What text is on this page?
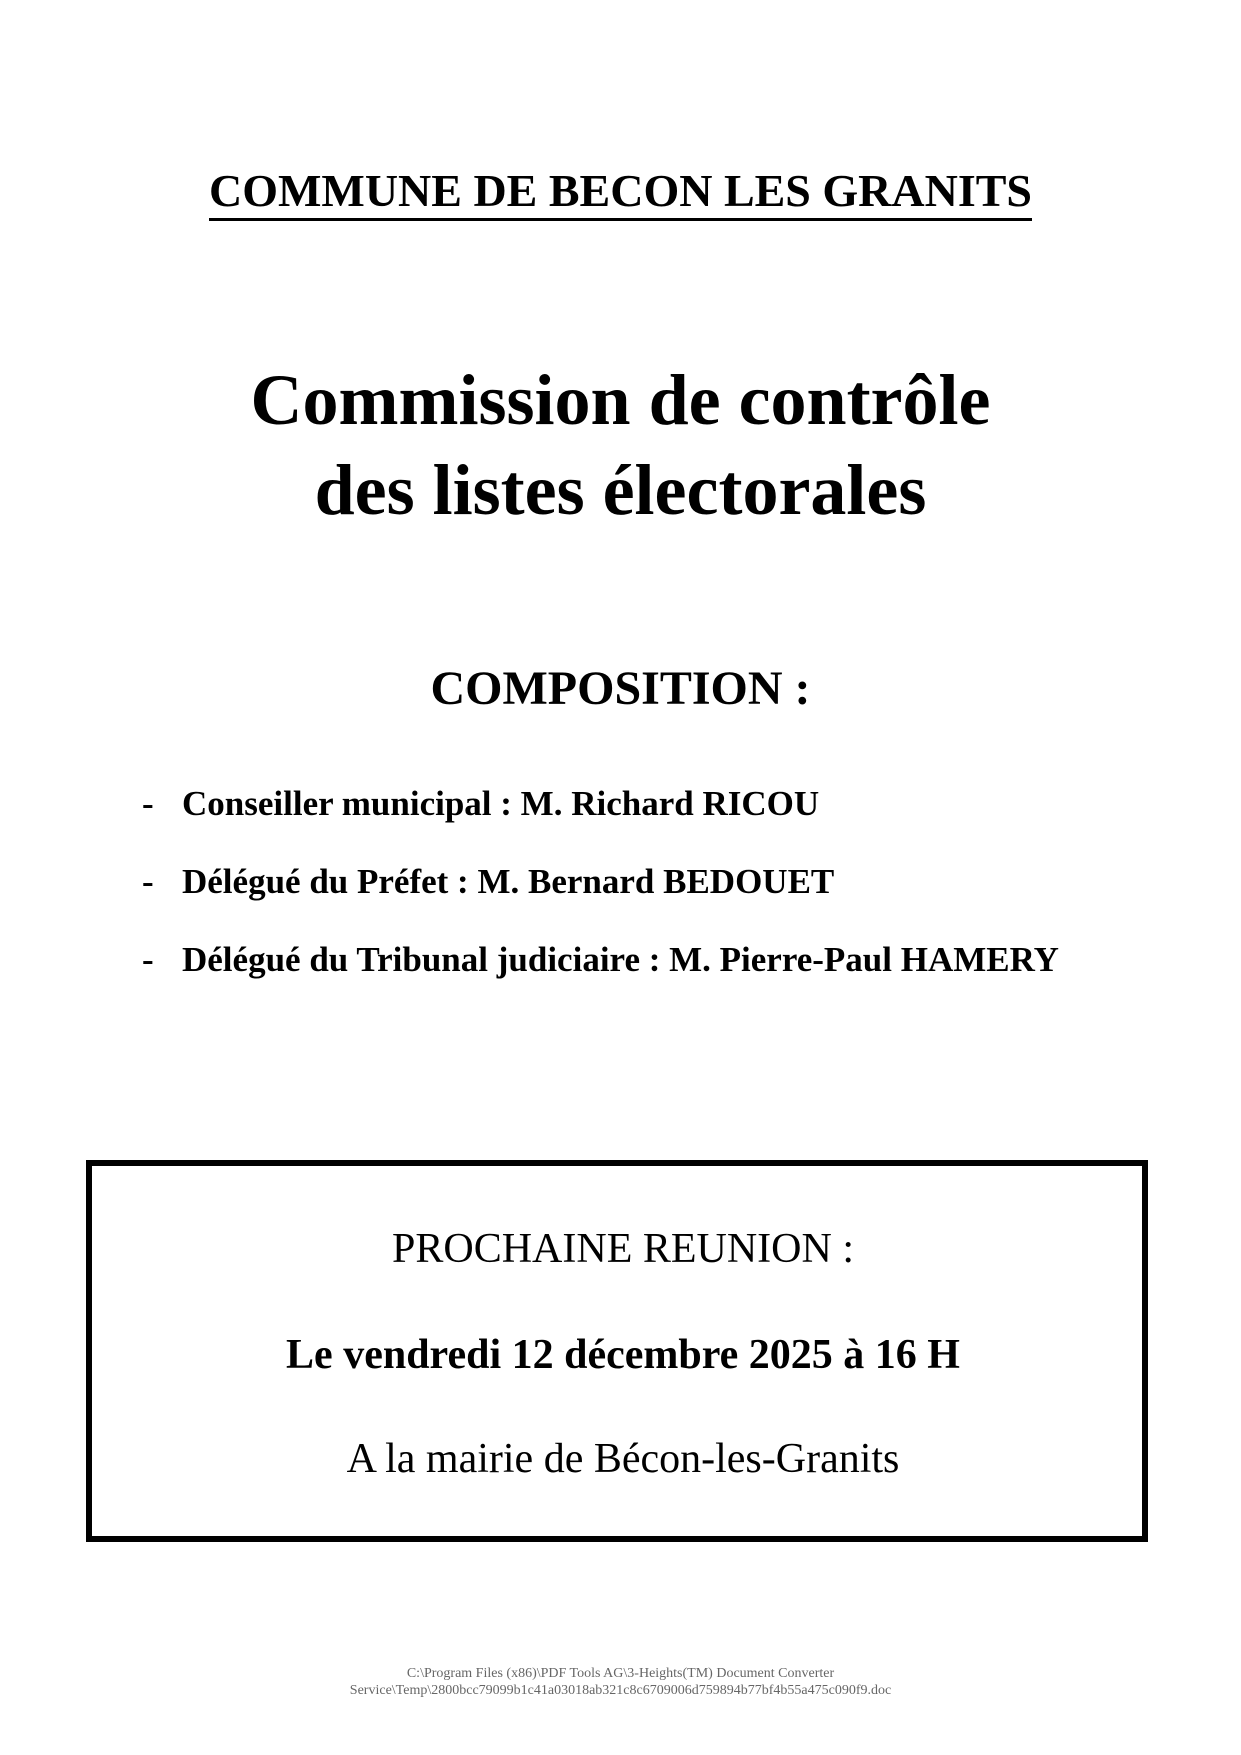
COMMUNE DE BECON LES GRANITS
Commission de contrôle
des listes électorales
COMPOSITION :
- Conseiller municipal : M. Richard RICOU
- Délégué du Préfet : M. Bernard BEDOUET
- Délégué du Tribunal judiciaire : M. Pierre-Paul HAMERY
PROCHAINE REUNION :
Le vendredi 12 décembre 2025 à 16 H
A la mairie de Bécon-les-Granits
C:\Program Files (x86)\PDF Tools AG\3-Heights(TM) Document Converter
Service\Temp\2800bcc79099b1c41a03018ab321c8c6709006d759894b77bf4b55a475c090f9.doc
